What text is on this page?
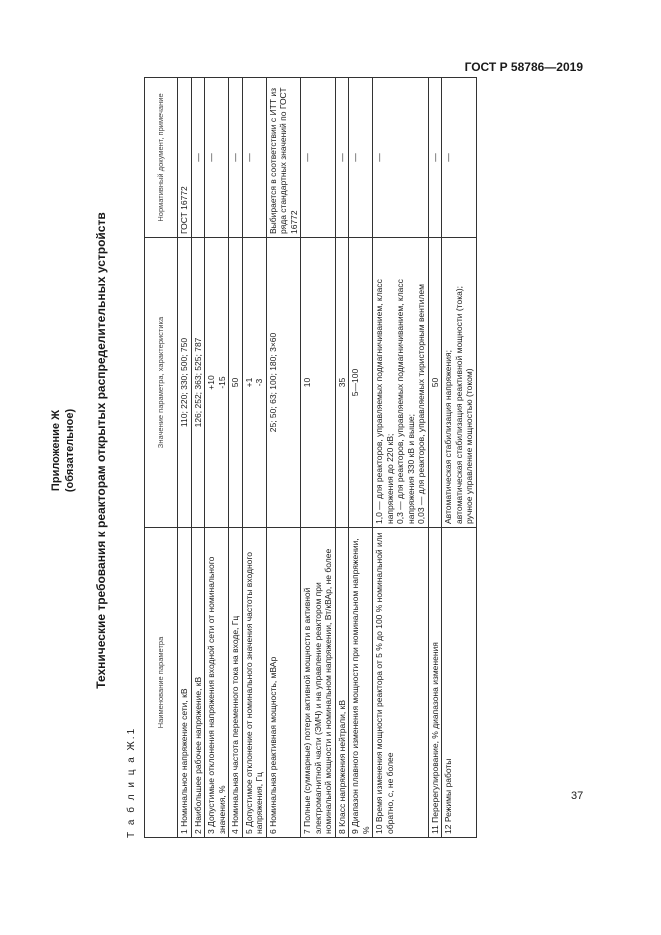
ГОСТ Р 58786—2019
Приложение Ж (обязательное) Технические требования к реакторам открытых распределительных устройств
Т а б л и ц а Ж.1
Наименование параметра	Значение параметра, характеристика	Нормативный документ, примечание
1 Номинальное напряжение сети, кВ	110; 220; 330; 500; 750	ГОСТ 16772
2 Наибольшее рабочее напряжение, кВ	126; 252; 363; 525; 787	—
3 Допустимые отклонения напряжения входной сети от номинального значения, %	+10
-15	—
4 Номинальная частота переменного тока на входе, Гц	50	—
5 Допустимое отклонение от номинального значения частоты входного напряжения, Гц	+1
-3	—
6 Номинальная реактивная мощность, мВАр	25; 50; 63; 100; 180; 3×60	Выбирается в соответствии с ИТТ из ряда стандартных значений по ГОСТ 16772
7 Полные (суммарные) потери активной мощности в активной электромагнитной части (ЭМЧ) и на управление реактором при номинальной мощности и номинальном напряжении, Вт/кВАр, не более	10	—
8 Класс напряжения нейтрали, кВ	35	—
9 Диапазон плавного изменения мощности при номинальном напряжении, %	5—100	—
10 Время изменения мощности реактора от 5 % до 100 % номинальной или обратно, с, не более	1,0 — для реакторов, управляемых подмагничиванием, класс напряжения до 220 кВ;
0,3 — для реакторов, управляемых подмагничиванием, класс напряжения 330 кВ и выше;
0,03 — для реакторов, управляемых тиристорным вентилем	—
11 Перерегулирование, % диапазона изменения	50	—
12 Режимы работы	Автоматическая стабилизация напряжения;
автоматическая стабилизация реактивной мощности (тока);
ручное управление мощностью (током)	—
37
